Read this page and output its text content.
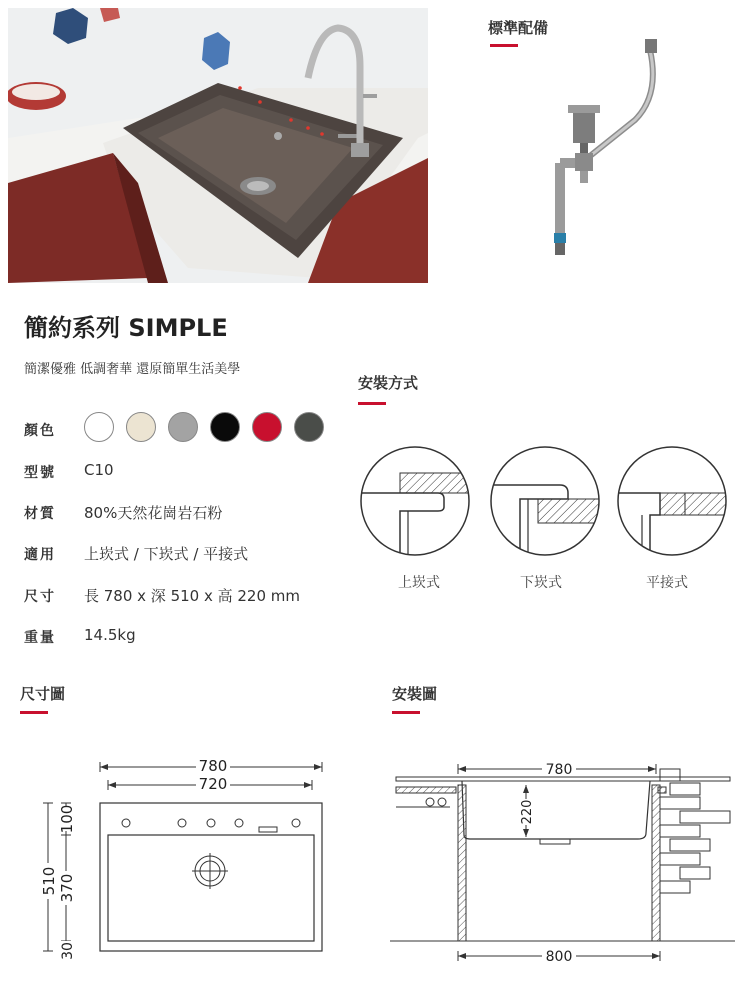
標準配備
簡約系列 SIMPLE
簡潔優雅 低調奢華 還原簡單生活美學
顏色
型號 C10
材質 80%天然花崗岩石粉
適用 上崁式 / 下崁式 / 平接式
尺寸 長 780 x 深 510 x 高 220 mm
重量 14.5kg
安裝方式
上崁式	下崁式	平接式
尺寸圖
780
720
510
100
370
30
安裝圖
780
220
800
